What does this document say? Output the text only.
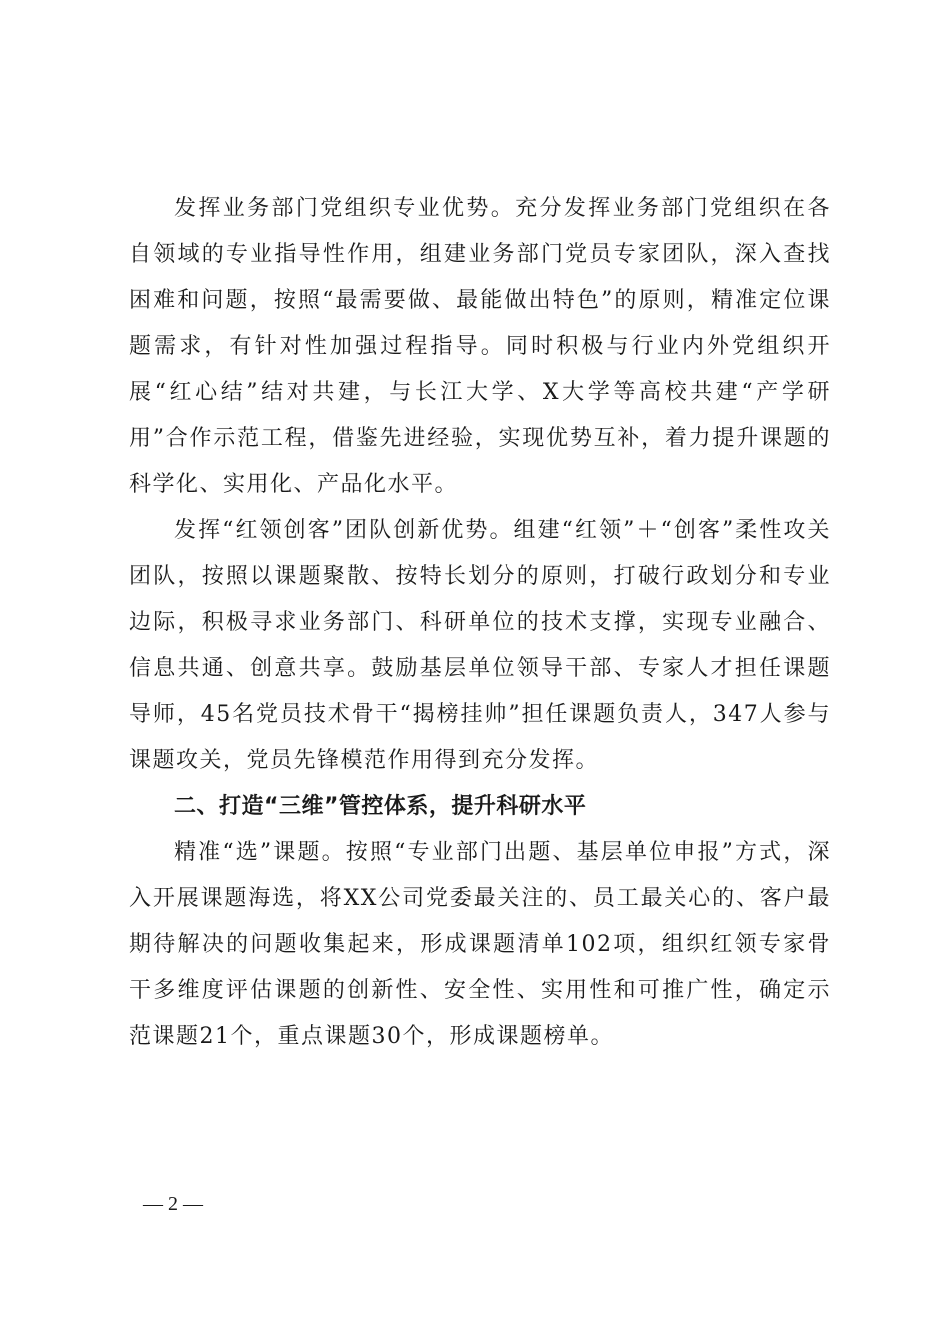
发挥业务部门党组织专业优势。充分发挥业务部门党组织在各自领域的专业指导性作用，组建业务部门党员专家团队，深入查找困难和问题，按照“最需要做、最能做出特色”的原则，精准定位课题需求，有针对性加强过程指导。同时积极与行业内外党组织开展“红心结”结对共建，与长江大学、X大学等高校共建“产学研用”合作示范工程，借鉴先进经验，实现优势互补，着力提升课题的科学化、实用化、产品化水平。

发挥“红领创客”团队创新优势。组建“红领”＋“创客”柔性攻关团队，按照以课题聚散、按特长划分的原则，打破行政划分和专业边际，积极寻求业务部门、科研单位的技术支撑，实现专业融合、信息共通、创意共享。鼓励基层单位领导干部、专家人才担任课题导师，45名党员技术骨干“揭榜挂帅”担任课题负责人，347人参与课题攻关，党员先锋模范作用得到充分发挥。

二、打造“三维”管控体系，提升科研水平

精准“选”课题。按照“专业部门出题、基层单位申报”方式，深入开展课题海选，将XX公司党委最关注的、员工最关心的、客户最期待解决的问题收集起来，形成课题清单102项，组织红领专家骨干多维度评估课题的创新性、安全性、实用性和可推广性，确定示范课题21个，重点课题30个，形成课题榜单。

— 2 —
